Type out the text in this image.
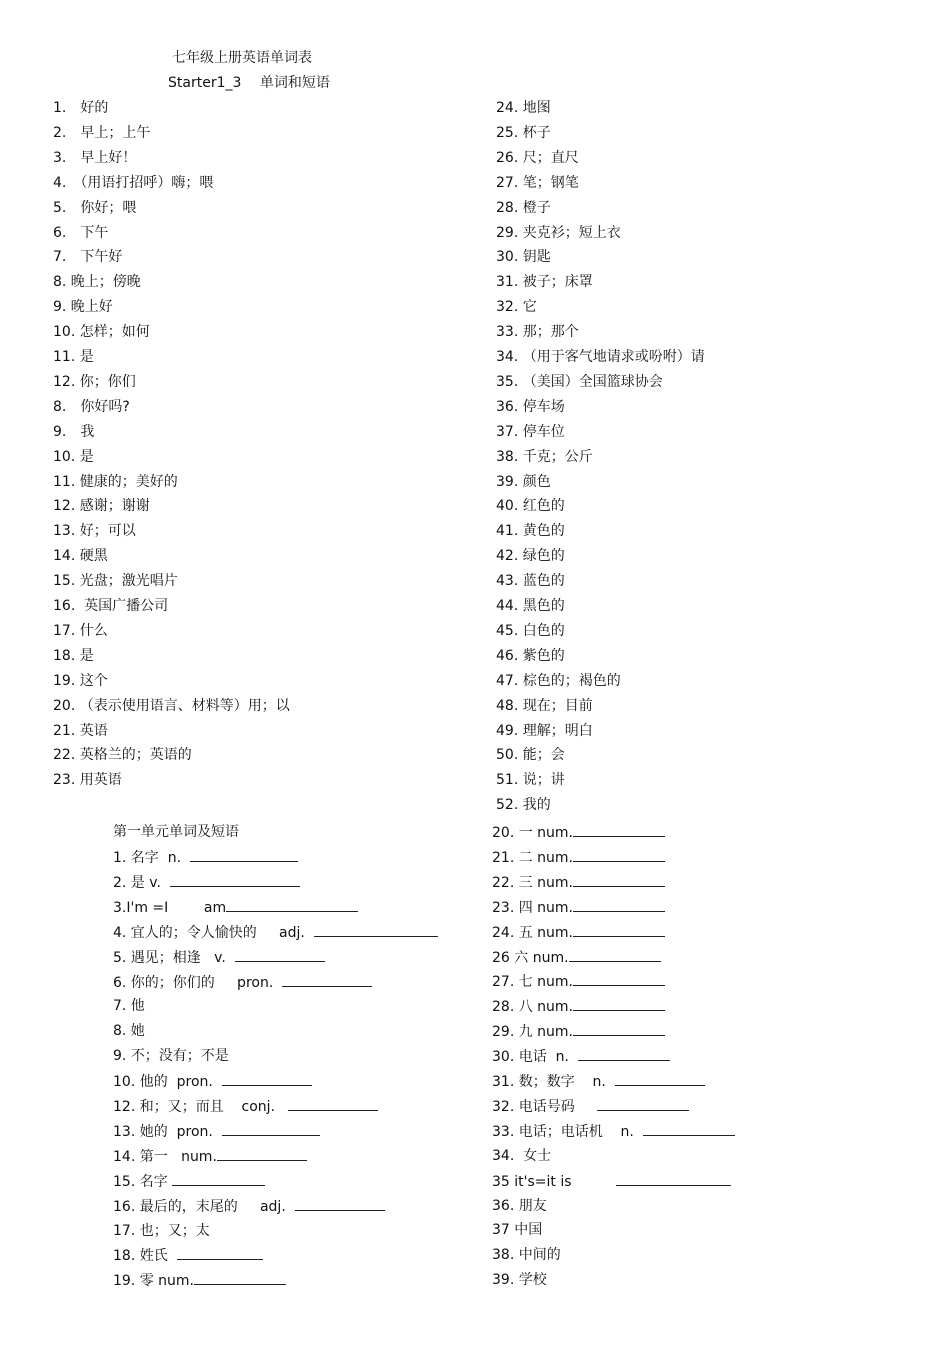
七年级上册英语单词表
Starter1_3　 单词和短语
1.　好的
2.　早上；上午
3.　早上好！
4.　（用语打招呼）嗨；喂
5.　你好；喂
6.　下午
7.　下午好
8. 晚上；傍晚
9. 晚上好
10. 怎样；如何
11. 是
12. 你；你们
8.　你好吗?
9.　我
10. 是
11. 健康的；美好的
12. 感谢；谢谢
13. 好；可以
14. 硬黑
15. 光盘；激光唱片
16.  英国广播公司
17. 什么
18. 是
19. 这个
20. （表示使用语言、材料等）用；以
21. 英语
22. 英格兰的；英语的
23. 用英语
24. 地图
25. 杯子
26. 尺；直尺
27. 笔；钢笔
28. 橙子
29. 夹克衫；短上衣
30. 钥匙
31. 被子；床罩
32. 它
33. 那；那个
34. （用于客气地请求或吩咐）请
35. （美国）全国篮球协会
36. 停车场
37. 停车位
38. 千克；公斤
39. 颜色
40. 红色的
41. 黄色的
42. 绿色的
43. 蓝色的
44. 黑色的
45. 白色的
46. 紫色的
47. 棕色的；褐色的
48. 现在；目前
49. 理解；明白
50. 能；会
51. 说；讲
52. 我的
第一单元单词及短语
1. 名字  n.
2. 是 v.
3.I'm =I        am
4. 宜人的；令人愉快的     adj.
5. 遇见；相逢   v.
6. 你的；你们的     pron.
7. 他
8. 她
9. 不；没有；不是
10. 他的  pron.
12. 和；又；而且    conj.
13. 她的  pron.
14. 第一   num.
15. 名字
16. 最后的，末尾的     adj.
17. 也；又；太
18. 姓氏
19. 零 num.
20. 一 num.
21. 二 num.
22. 三 num.
23. 四 num.
24. 五 num.
26 六 num.
27. 七 num.
28. 八 num.
29. 九 num.
30. 电话  n.
31. 数；数字    n.
32. 电话号码
33. 电话；电话机    n.
34.  女士
35 it's=it is
36. 朋友
37 中国
38. 中间的
39. 学校
